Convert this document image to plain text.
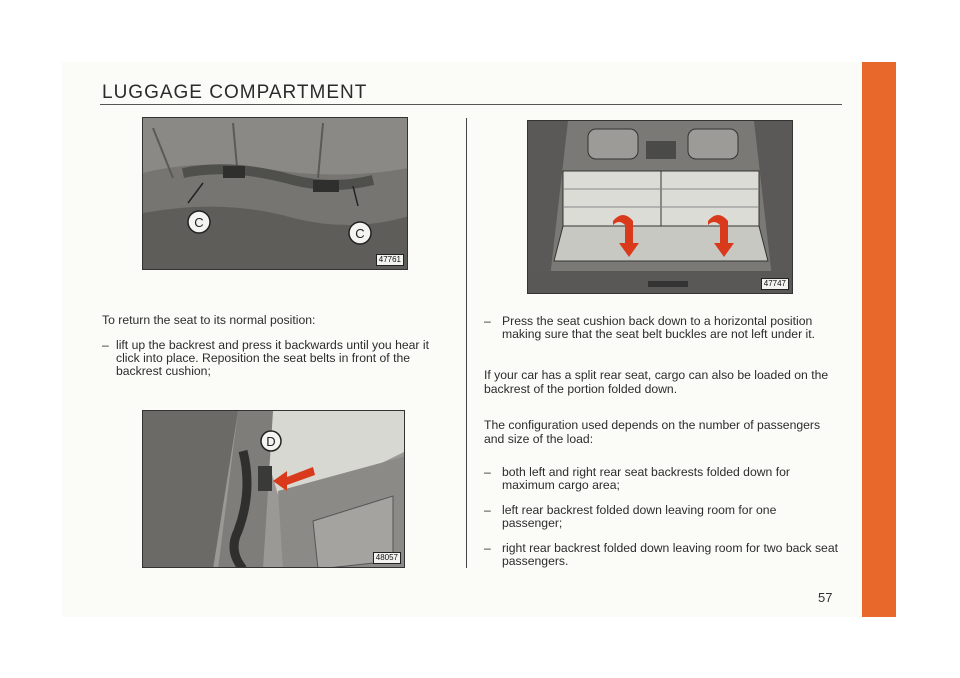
LUGGAGE COMPARTMENT
C
C
47761
D
48057
47747
To return the seat to its normal position:
– lift up the backrest and press it backwards until you hear it click into place. Reposition the seat belts in front of the backrest cushion;
– Press the seat cushion back down to a horizontal position making sure that the seat belt buckles are not left under it.
If your car has a split rear seat, cargo can also be loaded on the backrest of the portion folded down.
The configuration used depends on the number of passengers and size of the load:
– both left and right rear seat backrests folded down for maximum cargo area;
– left rear backrest folded down leaving room for one passenger;
– right rear backrest folded down leaving room for two back seat passengers.
57
